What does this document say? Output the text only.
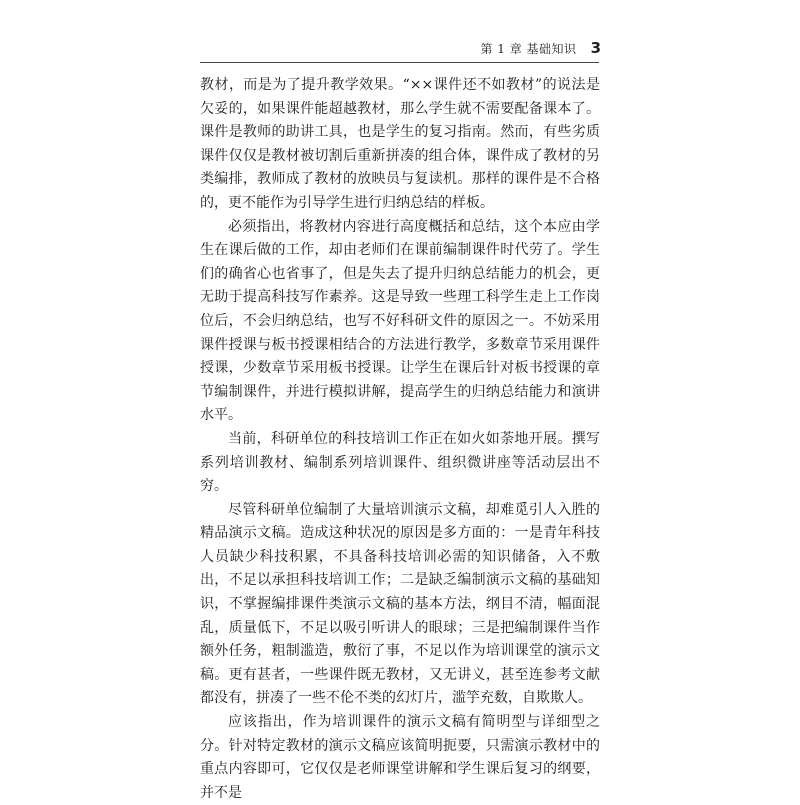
第 1 章 基础知识 3

教材，而是为了提升教学效果。“××课件还不如教材”的说法是欠妥的，如果课件能超越教材，那么学生就不需要配备课本了。课件是教师的助讲工具，也是学生的复习指南。然而，有些劣质课件仅仅是教材被切割后重新拼凑的组合体，课件成了教材的另类编排，教师成了教材的放映员与复读机。那样的课件是不合格的，更不能作为引导学生进行归纳总结的样板。

必须指出，将教材内容进行高度概括和总结，这个本应由学生在课后做的工作，却由老师们在课前编制课件时代劳了。学生们的确省心也省事了，但是失去了提升归纳总结能力的机会，更无助于提高科技写作素养。这是导致一些理工科学生走上工作岗位后，不会归纳总结，也写不好科研文件的原因之一。不妨采用课件授课与板书授课相结合的方法进行教学，多数章节采用课件授课，少数章节采用板书授课。让学生在课后针对板书授课的章节编制课件，并进行模拟讲解，提高学生的归纳总结能力和演讲水平。

当前，科研单位的科技培训工作正在如火如荼地开展。撰写系列培训教材、编制系列培训课件、组织微讲座等活动层出不穷。

尽管科研单位编制了大量培训演示文稿，却难觅引人入胜的精品演示文稿。造成这种状况的原因是多方面的：一是青年科技人员缺少科技积累，不具备科技培训必需的知识储备，入不敷出，不足以承担科技培训工作；二是缺乏编制演示文稿的基础知识，不掌握编排课件类演示文稿的基本方法，纲目不清，幅面混乱，质量低下，不足以吸引听讲人的眼球；三是把编制课件当作额外任务，粗制滥造，敷衍了事，不足以作为培训课堂的演示文稿。更有甚者，一些课件既无教材，又无讲义，甚至连参考文献都没有，拼凑了一些不伦不类的幻灯片，滥竽充数，自欺欺人。

应该指出，作为培训课件的演示文稿有简明型与详细型之分。针对特定教材的演示文稿应该简明扼要，只需演示教材中的重点内容即可，它仅仅是老师课堂讲解和学生课后复习的纲要，并不是
